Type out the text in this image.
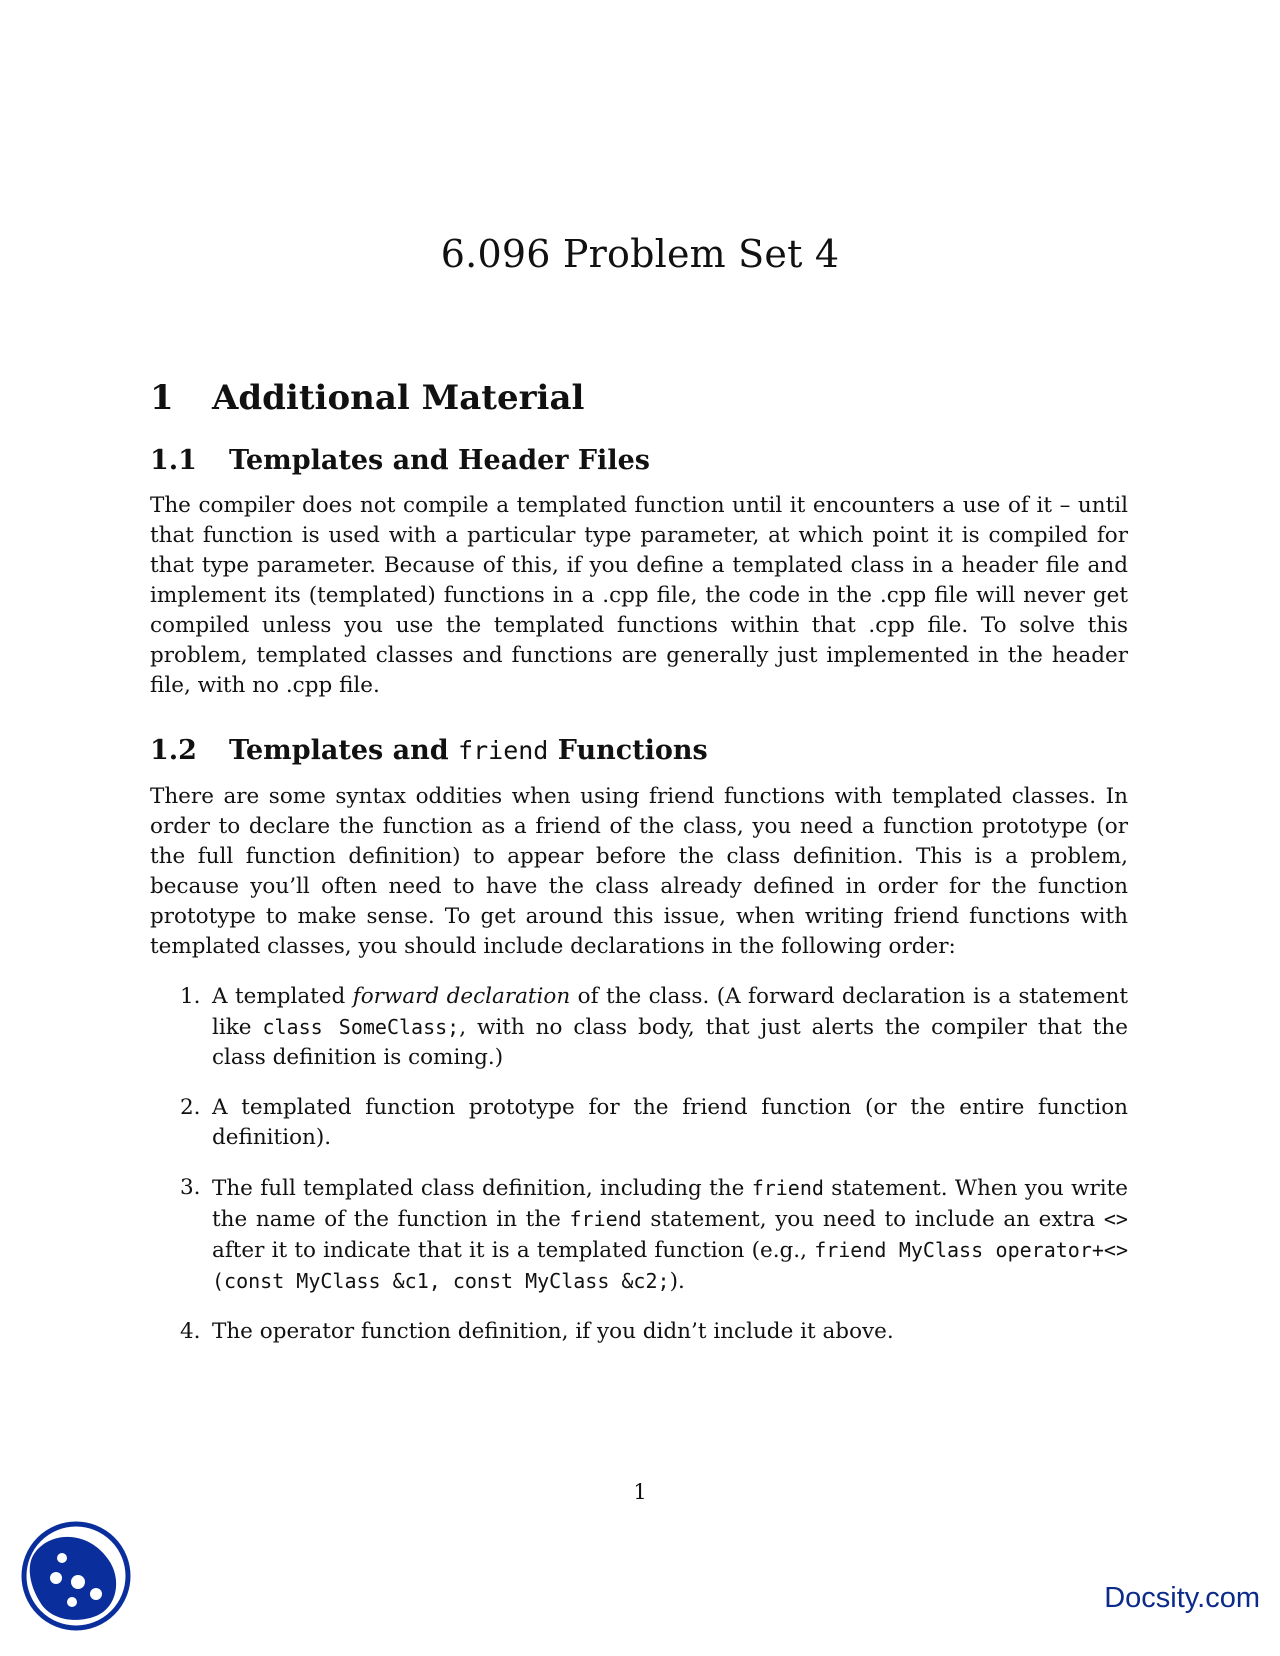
6.096 Problem Set 4
1	Additional Material
1.1	Templates and Header Files

The compiler does not compile a templated function until it encounters a use of it – until that function is used with a particular type parameter, at which point it is compiled for that type parameter. Because of this, if you define a templated class in a header file and implement its (templated) functions in a .cpp file, the code in the .cpp file will never get compiled unless you use the templated functions within that .cpp file. To solve this problem, templated classes and functions are generally just implemented in the header file, with no .cpp file.

1.2	Templates and friend Functions

There are some syntax oddities when using friend functions with templated classes. In order to declare the function as a friend of the class, you need a function prototype (or the full function definition) to appear before the class definition. This is a problem, because you’ll often need to have the class already defined in order for the function prototype to make sense. To get around this issue, when writing friend functions with templated classes, you should include declarations in the following order:

1. A templated forward declaration of the class. (A forward declaration is a statement like class SomeClass;, with no class body, that just alerts the compiler that the class definition is coming.)
2. A templated function prototype for the friend function (or the entire function definition).
3. The full templated class definition, including the friend statement. When you write the name of the function in the friend statement, you need to include an extra <> after it to indicate that it is a templated function (e.g., friend MyClass operator+<>(const MyClass &c1, const MyClass &c2;).
4. The operator function definition, if you didn’t include it above.
1
Docsity.com
